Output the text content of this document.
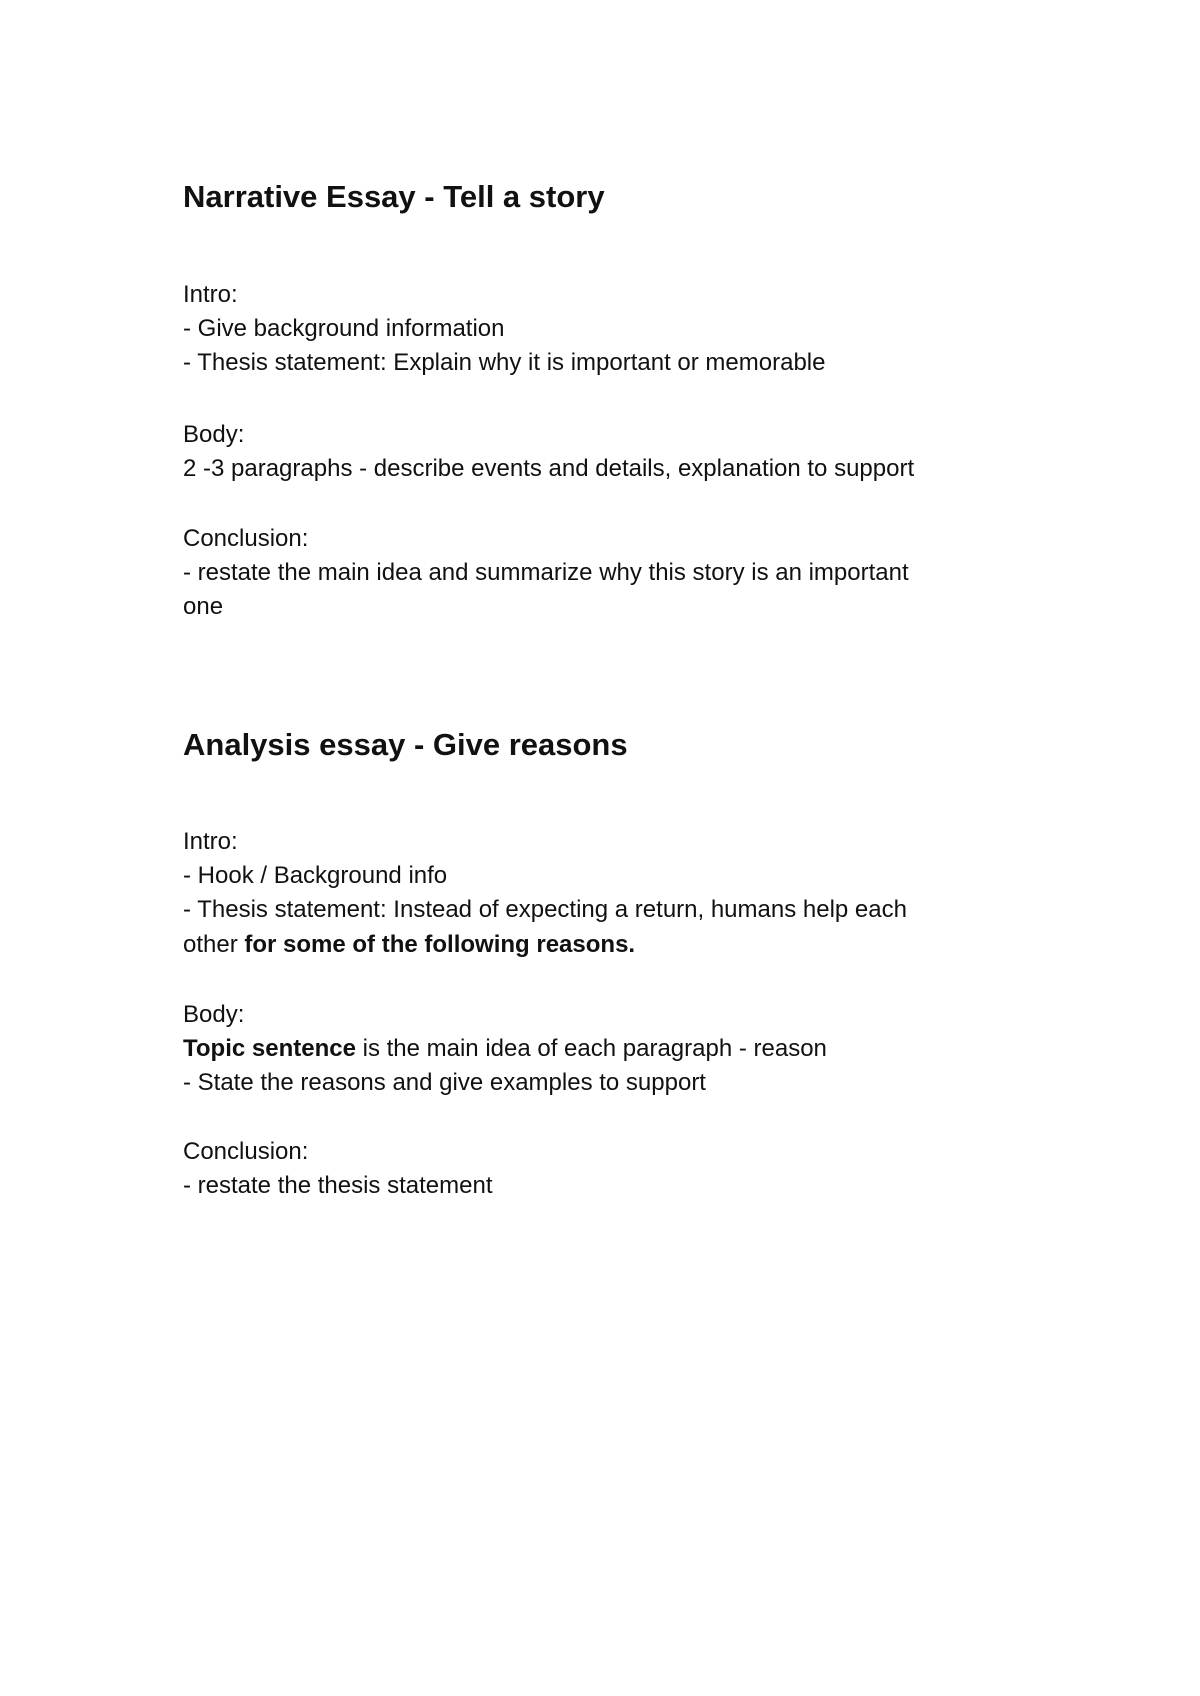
Narrative Essay - Tell a story
Intro:
- Give background information
- Thesis statement: Explain why it is important or memorable
Body:
2 -3 paragraphs - describe events and details, explanation to support
Conclusion:
- restate the main idea and summarize why this story is an important
one
Analysis essay - Give reasons
Intro:
- Hook / Background info
- Thesis statement: Instead of expecting a return, humans help each
other for some of the following reasons.
Body:
Topic sentence is the main idea of each paragraph - reason
- State the reasons and give examples to support
Conclusion:
- restate the thesis statement
